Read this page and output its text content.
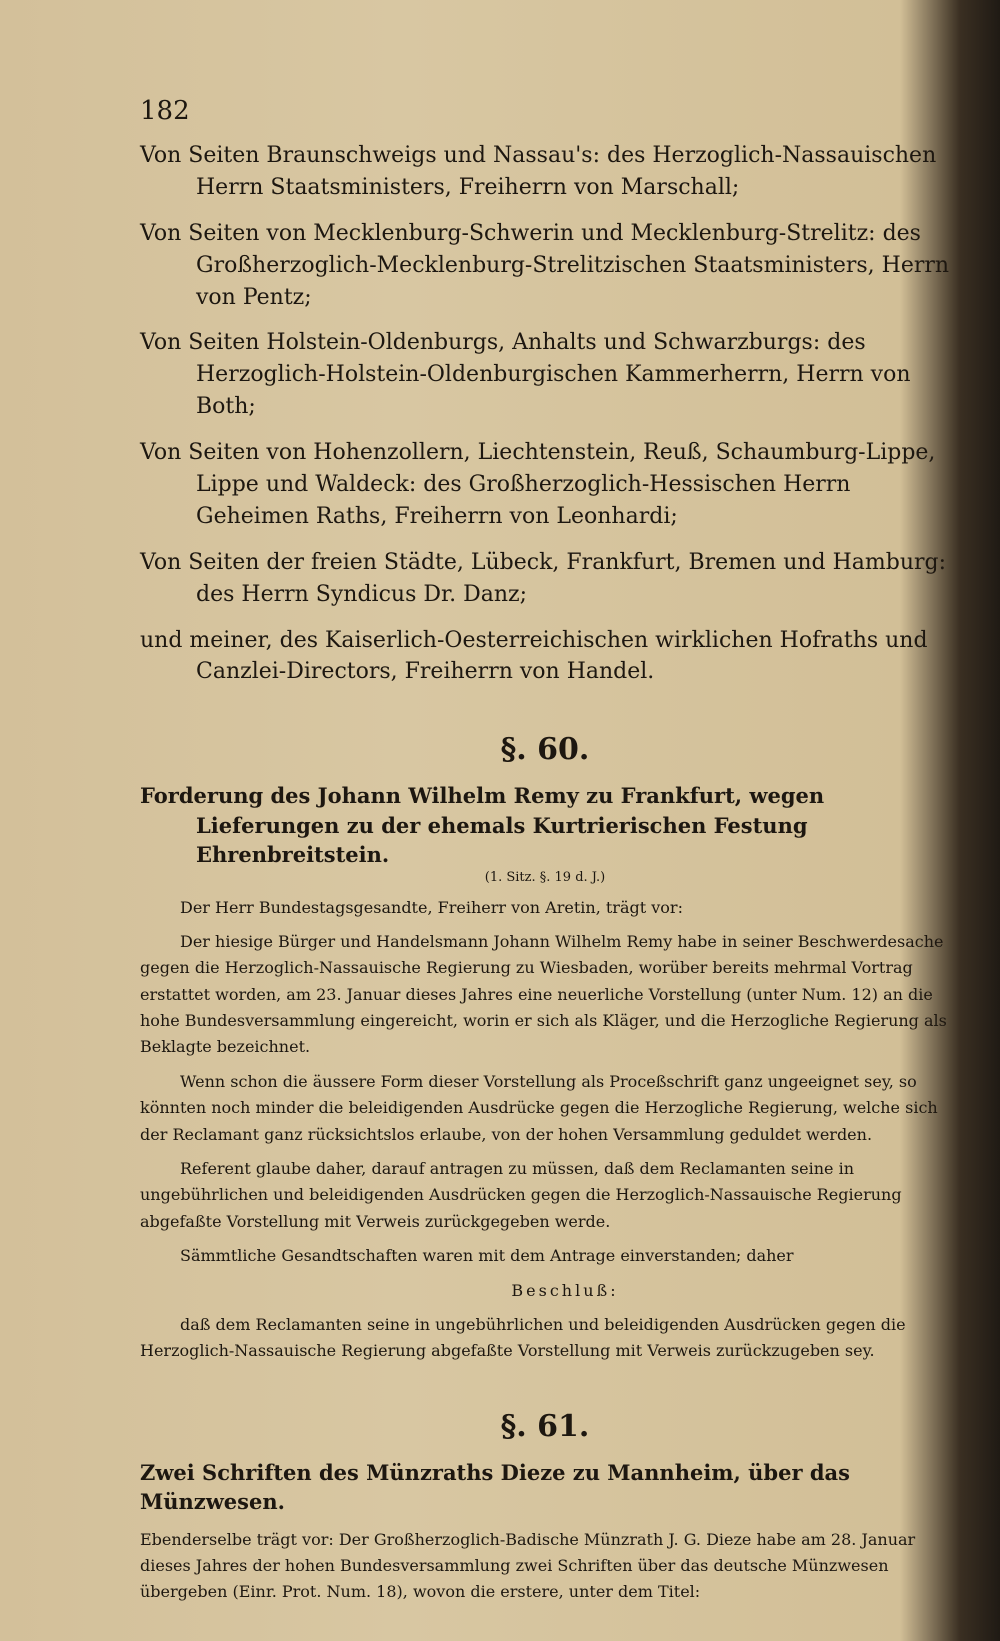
182
Von Seiten Braunschweigs und Nassau's: des Herzoglich-Nassauischen Herrn Staatsministers, Freiherrn von Marschall;
Von Seiten von Mecklenburg-Schwerin und Mecklenburg-Strelitz: des Großherzoglich-Mecklenburg-Strelitzischen Staatsministers, Herrn von Pentz;
Von Seiten Holstein-Oldenburgs, Anhalts und Schwarzburgs: des Herzoglich-Holstein-Oldenburgischen Kammerherrn, Herrn von Both;
Von Seiten von Hohenzollern, Liechtenstein, Reuß, Schaumburg-Lippe, Lippe und Waldeck: des Großherzoglich-Hessischen Herrn Geheimen Raths, Freiherrn von Leonhardi;
Von Seiten der freien Städte, Lübeck, Frankfurt, Bremen und Hamburg: des Herrn Syndicus Dr. Danz;
und meiner, des Kaiserlich-Oesterreichischen wirklichen Hofraths und Canzlei-Directors, Freiherrn von Handel.
§. 60.
Forderung des Johann Wilhelm Remy zu Frankfurt, wegen Lieferungen zu der ehemals Kurtrierischen Festung Ehrenbreitstein.
(1. Sitz. §. 19 d. J.)
Der Herr Bundestagsgesandte, Freiherr von Aretin, trägt vor:
Der hiesige Bürger und Handelsmann Johann Wilhelm Remy habe in seiner Beschwerdesache gegen die Herzoglich-Nassauische Regierung zu Wiesbaden, worüber bereits mehrmal Vortrag erstattet worden, am 23. Januar dieses Jahres eine neuerliche Vorstellung (unter Num. 12) an die hohe Bundesversammlung eingereicht, worin er sich als Kläger, und die Herzogliche Regierung als Beklagte bezeichnet.
Wenn schon die äussere Form dieser Vorstellung als Proceßschrift ganz ungeeignet sey, so könnten noch minder die beleidigenden Ausdrücke gegen die Herzogliche Regierung, welche sich der Reclamant ganz rücksichtslos erlaube, von der hohen Versammlung geduldet werden.
Referent glaube daher, darauf antragen zu müssen, daß dem Reclamanten seine in ungebührlichen und beleidigenden Ausdrücken gegen die Herzoglich-Nassauische Regierung abgefaßte Vorstellung mit Verweis zurückgegeben werde.
Sämmtliche Gesandtschaften waren mit dem Antrage einverstanden; daher
Beschluß:
daß dem Reclamanten seine in ungebührlichen und beleidigenden Ausdrücken gegen die Herzoglich-Nassauische Regierung abgefaßte Vorstellung mit Verweis zurückzugeben sey.
§. 61.
Zwei Schriften des Münzraths Dieze zu Mannheim, über das Münzwesen.
Ebenderselbe trägt vor: Der Großherzoglich-Badische Münzrath J. G. Dieze habe am 28. Januar dieses Jahres der hohen Bundesversammlung zwei Schriften über das deutsche Münzwesen übergeben (Einr. Prot. Num. 18), wovon die erstere, unter dem Titel:
